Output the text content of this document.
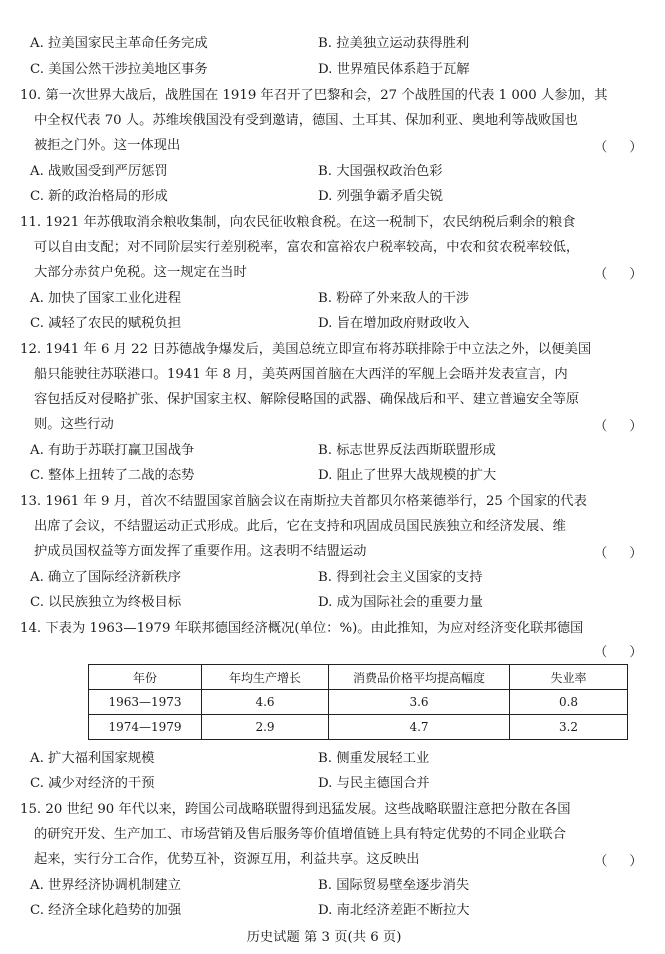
A. 拉美国家民主革命任务完成	B. 拉美独立运动获得胜利
C. 美国公然干涉拉美地区事务	D. 世界殖民体系趋于瓦解
10. 第一次世界大战后，战胜国在 1919 年召开了巴黎和会，27 个战胜国的代表 1 000 人参加，其
中全权代表 70 人。苏维埃俄国没有受到邀请，德国、土耳其、保加利亚、奥地利等战败国也
被拒之门外。这一体现出	（）
A. 战败国受到严厉惩罚	B. 大国强权政治色彩
C. 新的政治格局的形成	D. 列强争霸矛盾尖锐
11. 1921 年苏俄取消余粮收集制，向农民征收粮食税。在这一税制下，农民纳税后剩余的粮食
可以自由支配；对不同阶层实行差别税率，富农和富裕农户税率较高，中农和贫农税率较低，
大部分赤贫户免税。这一规定在当时	（）
A. 加快了国家工业化进程	B. 粉碎了外来敌人的干涉
C. 减轻了农民的赋税负担	D. 旨在增加政府财政收入
12. 1941 年 6 月 22 日苏德战争爆发后，美国总统立即宣布将苏联排除于中立法之外，以便美国
船只能驶往苏联港口。1941 年 8 月，美英两国首脑在大西洋的军舰上会晤并发表宣言，内
容包括反对侵略扩张、保护国家主权、解除侵略国的武器、确保战后和平、建立普遍安全等原
则。这些行动	（）
A. 有助于苏联打赢卫国战争	B. 标志世界反法西斯联盟形成
C. 整体上扭转了二战的态势	D. 阻止了世界大战规模的扩大
13. 1961 年 9 月，首次不结盟国家首脑会议在南斯拉夫首都贝尔格莱德举行，25 个国家的代表
出席了会议，不结盟运动正式形成。此后，它在支持和巩固成员国民族独立和经济发展、维
护成员国权益等方面发挥了重要作用。这表明不结盟运动	（）
A. 确立了国际经济新秩序	B. 得到社会主义国家的支持
C. 以民族独立为终极目标	D. 成为国际社会的重要力量
14. 下表为 1963—1979 年联邦德国经济概况(单位：%)。由此推知，为应对经济变化联邦德国
（）
年份	年均生产增长	消费品价格平均提高幅度	失业率
1963—1973	4.6	3.6	0.8
1974—1979	2.9	4.7	3.2
A. 扩大福利国家规模	B. 侧重发展轻工业
C. 减少对经济的干预	D. 与民主德国合并
15. 20 世纪 90 年代以来，跨国公司战略联盟得到迅猛发展。这些战略联盟注意把分散在各国
的研究开发、生产加工、市场营销及售后服务等价值增值链上具有特定优势的不同企业联合
起来，实行分工合作，优势互补，资源互用，利益共享。这反映出	（）
A. 世界经济协调机制建立	B. 国际贸易壁垒逐步消失
C. 经济全球化趋势的加强	D. 南北经济差距不断拉大
历史试题 第 3 页(共 6 页)
